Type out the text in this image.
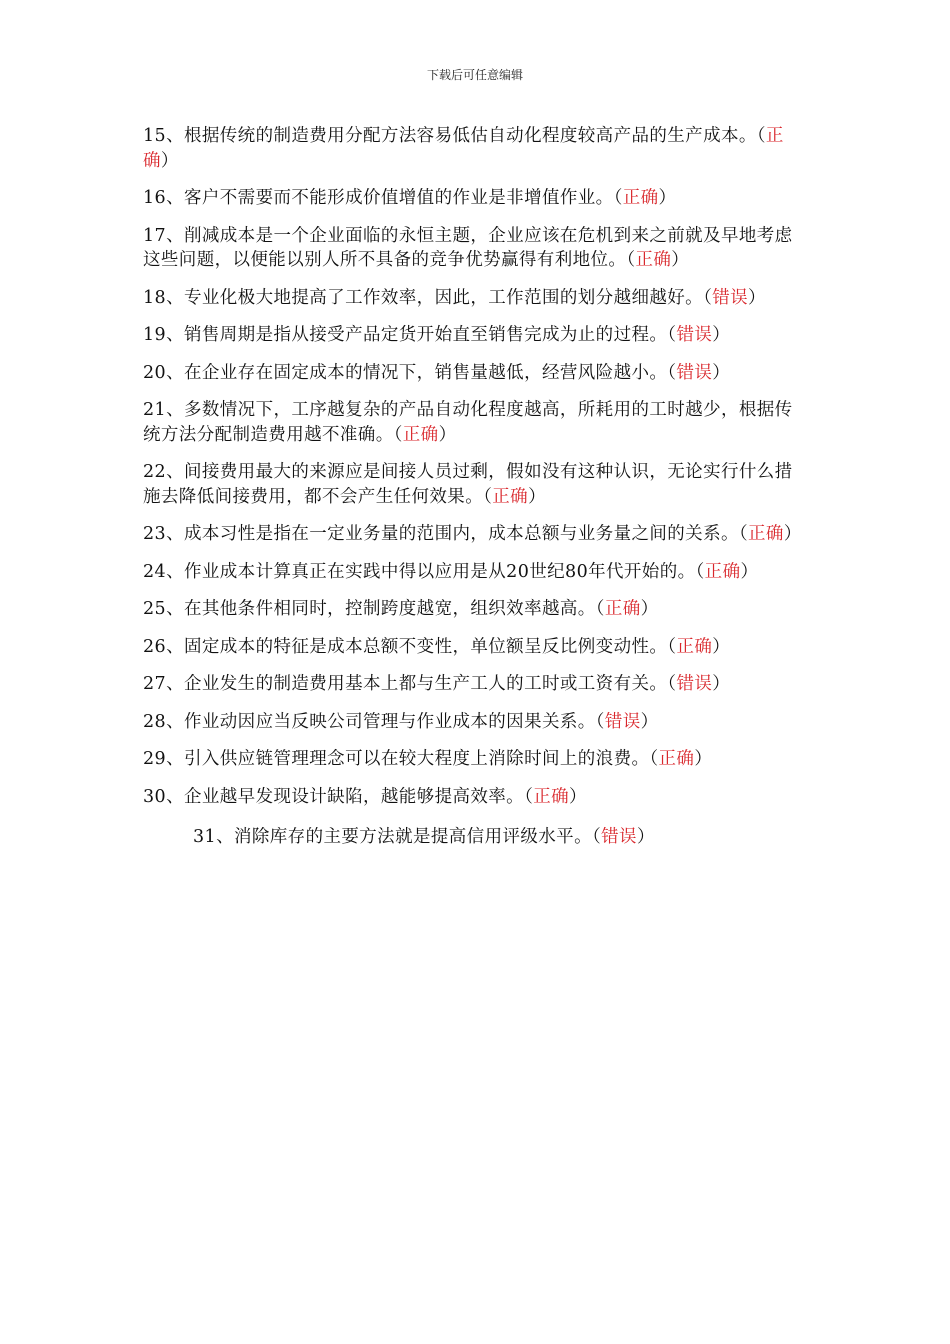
下载后可任意编辑

15、根据传统的制造费用分配方法容易低估自动化程度较高产品的生产成本。（正确）

16、客户不需要而不能形成价值增值的作业是非增值作业。（正确）

17、削减成本是一个企业面临的永恒主题，企业应该在危机到来之前就及早地考虑这些问题，以便能以别人所不具备的竞争优势赢得有利地位。（正确）

18、专业化极大地提高了工作效率，因此，工作范围的划分越细越好。（错误）

19、销售周期是指从接受产品定货开始直至销售完成为止的过程。（错误）

20、在企业存在固定成本的情况下，销售量越低，经营风险越小。（错误）

21、多数情况下，工序越复杂的产品自动化程度越高，所耗用的工时越少，根据传统方法分配制造费用越不准确。（正确）

22、间接费用最大的来源应是间接人员过剩，假如没有这种认识，无论实行什么措施去降低间接费用，都不会产生任何效果。（正确）

23、成本习性是指在一定业务量的范围内，成本总额与业务量之间的关系。（正确）

24、作业成本计算真正在实践中得以应用是从20世纪80年代开始的。（正确）

25、在其他条件相同时，控制跨度越宽，组织效率越高。（正确）

26、固定成本的特征是成本总额不变性，单位额呈反比例变动性。（正确）

27、企业发生的制造费用基本上都与生产工人的工时或工资有关。（错误）

28、作业动因应当反映公司管理与作业成本的因果关系。（错误）

29、引入供应链管理理念可以在较大程度上消除时间上的浪费。（正确）

30、企业越早发现设计缺陷，越能够提高效率。（正确）

31、消除库存的主要方法就是提高信用评级水平。（错误）
